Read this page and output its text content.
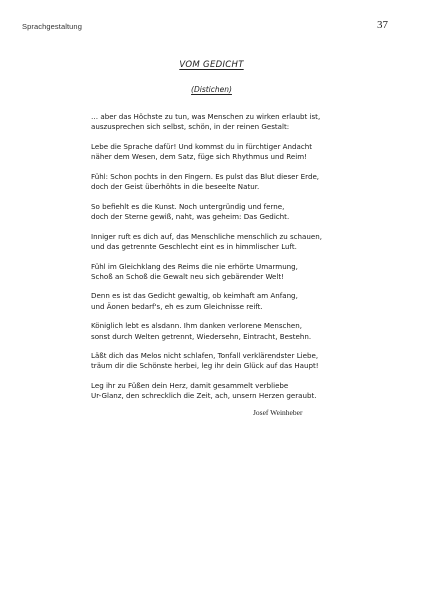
Sprachgestaltung	37
VOM GEDICHT
(Distichen)
… aber das Höchste zu tun, was Menschen zu wirken erlaubt ist,
auszusprechen sich selbst, schön, in der reinen Gestalt:
Lebe die Sprache dafür! Und kommst du in fürchtiger Andacht
näher dem Wesen, dem Satz, füge sich Rhythmus und Reim!
Fühl: Schon pochts in den Fingern. Es pulst das Blut dieser Erde,
doch der Geist überhöhts in die beseelte Natur.
So befiehlt es die Kunst. Noch untergründig und ferne,
doch der Sterne gewiß, naht, was geheim: Das Gedicht.
Inniger ruft es dich auf, das Menschliche menschlich zu schauen,
und das getrennte Geschlecht eint es in himmlischer Luft.
Fühl im Gleichklang des Reims die nie erhörte Umarmung,
Schoß an Schoß die Gewalt neu sich gebärender Welt!
Denn es ist das Gedicht gewaltig, ob keimhaft am Anfang,
und Äonen bedarf's, eh es zum Gleichnisse reift.
Königlich lebt es alsdann. Ihm danken verlorene Menschen,
sonst durch Welten getrennt, Wiedersehn, Eintracht, Bestehn.
Läßt dich das Melos nicht schlafen, Tonfall verklärendster Liebe,
träum dir die Schönste herbei, leg ihr dein Glück auf das Haupt!
Leg ihr zu Füßen dein Herz, damit gesammelt verbliebe
Ur-Glanz, den schrecklich die Zeit, ach, unsern Herzen geraubt.
Josef Weinheber
